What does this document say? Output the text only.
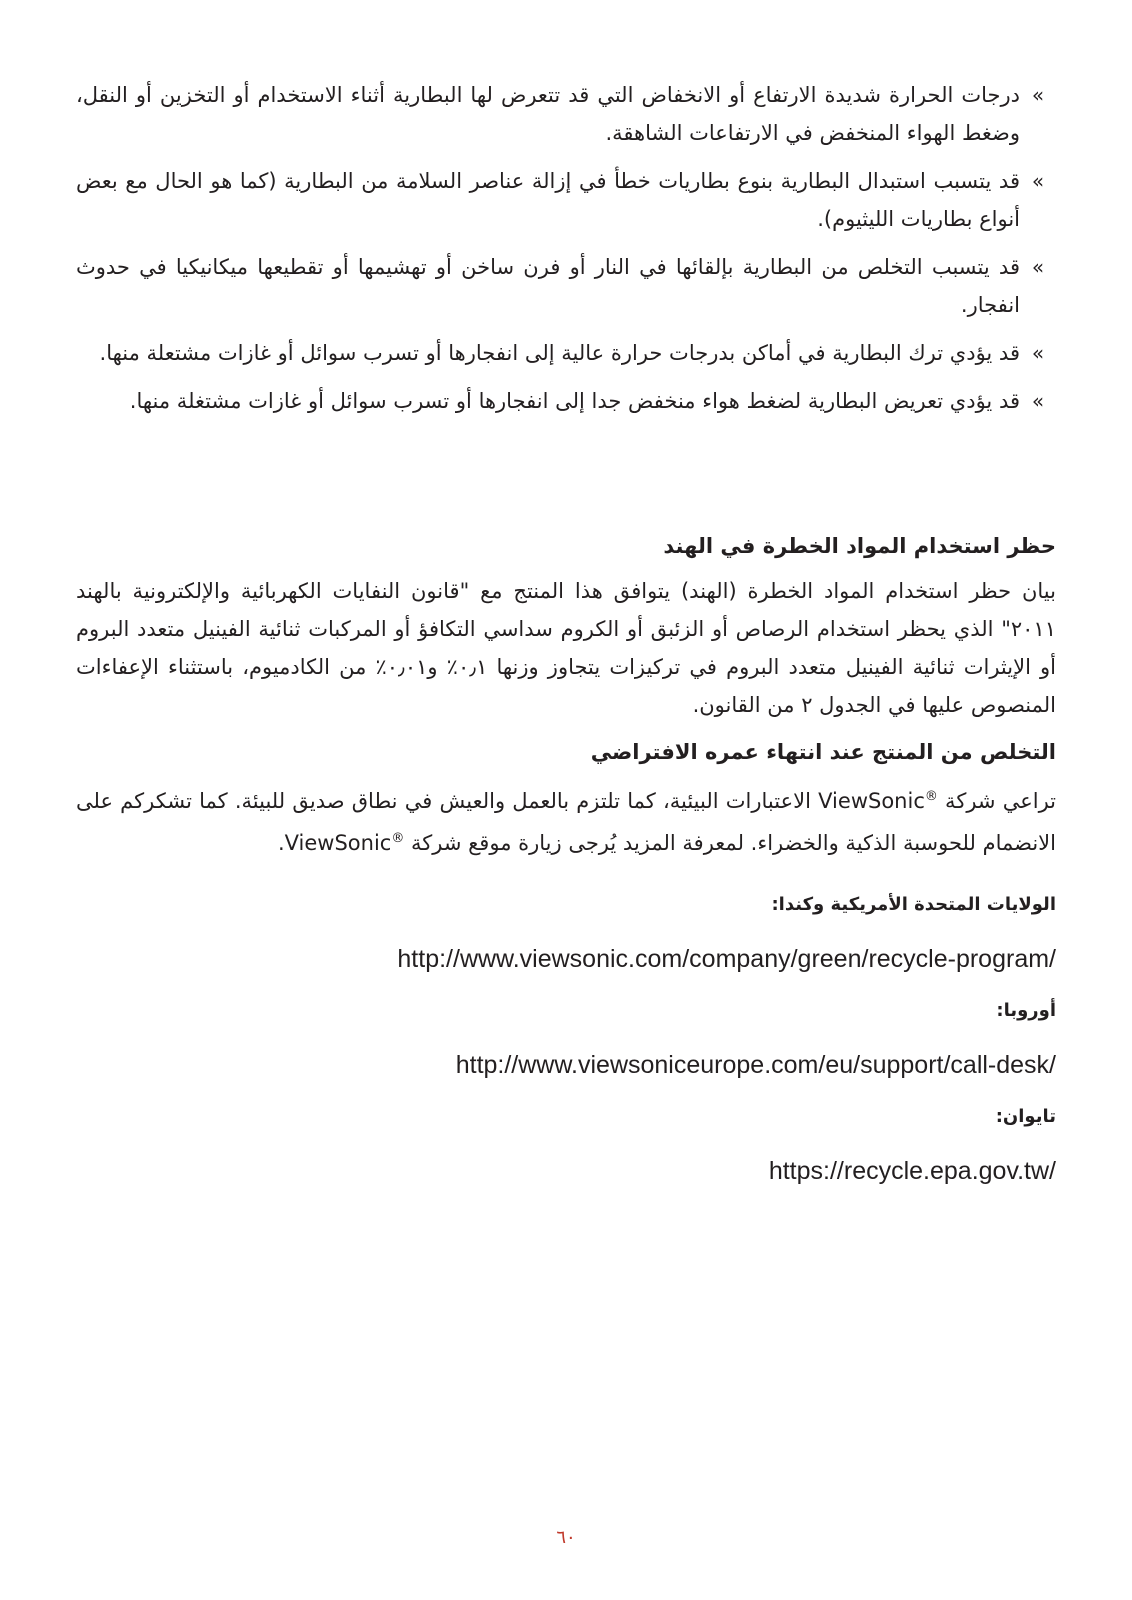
»
درجات الحرارة شديدة الارتفاع أو الانخفاض التي قد تتعرض لها البطارية أثناء الاستخدام أو التخزين أو النقل، وضغط الهواء المنخفض في الارتفاعات الشاهقة.
»
قد يتسبب استبدال البطارية بنوع بطاريات خطأ في إزالة عناصر السلامة من البطارية (كما هو الحال مع بعض أنواع بطاريات الليثيوم).
»
قد يتسبب التخلص من البطارية بإلقائها في النار أو فرن ساخن أو تهشيمها أو تقطيعها ميكانيكيا في حدوث انفجار.
»
قد يؤدي ترك البطارية في أماكن بدرجات حرارة عالية إلى انفجارها أو تسرب سوائل أو غازات مشتعلة منها.
»
قد يؤدي تعريض البطارية لضغط هواء منخفض جدا إلى انفجارها أو تسرب سوائل أو غازات مشتغلة منها.

حظر استخدام المواد الخطرة في الهند

بيان حظر استخدام المواد الخطرة (الهند) يتوافق هذا المنتج مع "قانون النفايات الكهربائية والإلكترونية بالهند ٢٠١١" الذي يحظر استخدام الرصاص أو الزئبق أو الكروم سداسي التكافؤ أو المركبات ثنائية الفينيل متعدد البروم أو الإيثرات ثنائية الفينيل متعدد البروم في تركيزات يتجاوز وزنها ٠٫١٪ و٠٫٠١٪ من الكادميوم، باستثناء الإعفاءات المنصوص عليها في الجدول ٢ من القانون.

التخلص من المنتج عند انتهاء عمره الافتراضي

تراعي شركة ViewSonic® الاعتبارات البيئية، كما تلتزم بالعمل والعيش في نطاق صديق للبيئة. كما تشكركم على الانضمام للحوسبة الذكية والخضراء. لمعرفة المزيد يُرجى زيارة موقع شركة ViewSonic®.

الولايات المتحدة الأمريكية وكندا:

http://www.viewsonic.com/company/green/recycle-program/

أوروبا:

http://www.viewsoniceurope.com/eu/support/call-desk/

تايوان:

https://recycle.epa.gov.tw/

٦٠
